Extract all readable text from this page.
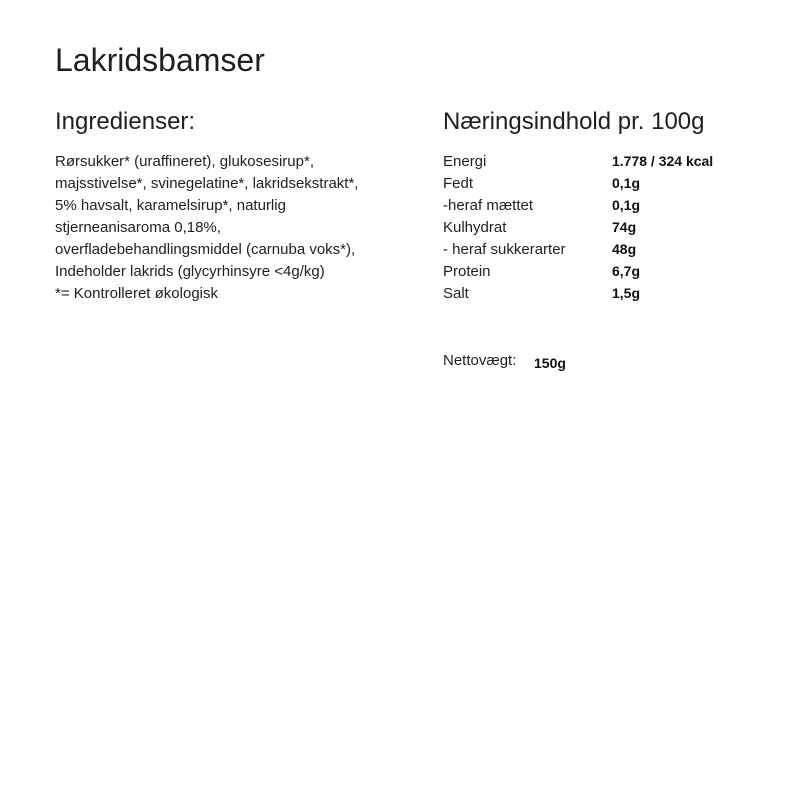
Lakridsbamser
Ingredienser:	Næringsindhold pr. 100g
Rørsukker* (uraffineret), glukosesirup*,
majsstivelse*, svinegelatine*, lakridsekstrakt*,
5% havsalt, karamelsirup*, naturlig
stjerneanisaroma 0,18%,
overfladebehandlingsmiddel (carnuba voks*),
Indeholder lakrids (glycyrhinsyre <4g/kg)
*= Kontrolleret økologisk
Energi	1.778 / 324 kcal
Fedt	0,1g
-heraf mættet	0,1g
Kulhydrat	74g
- heraf sukkerarter	48g
Protein	6,7g
Salt	1,5g
Nettovægt: 150g
